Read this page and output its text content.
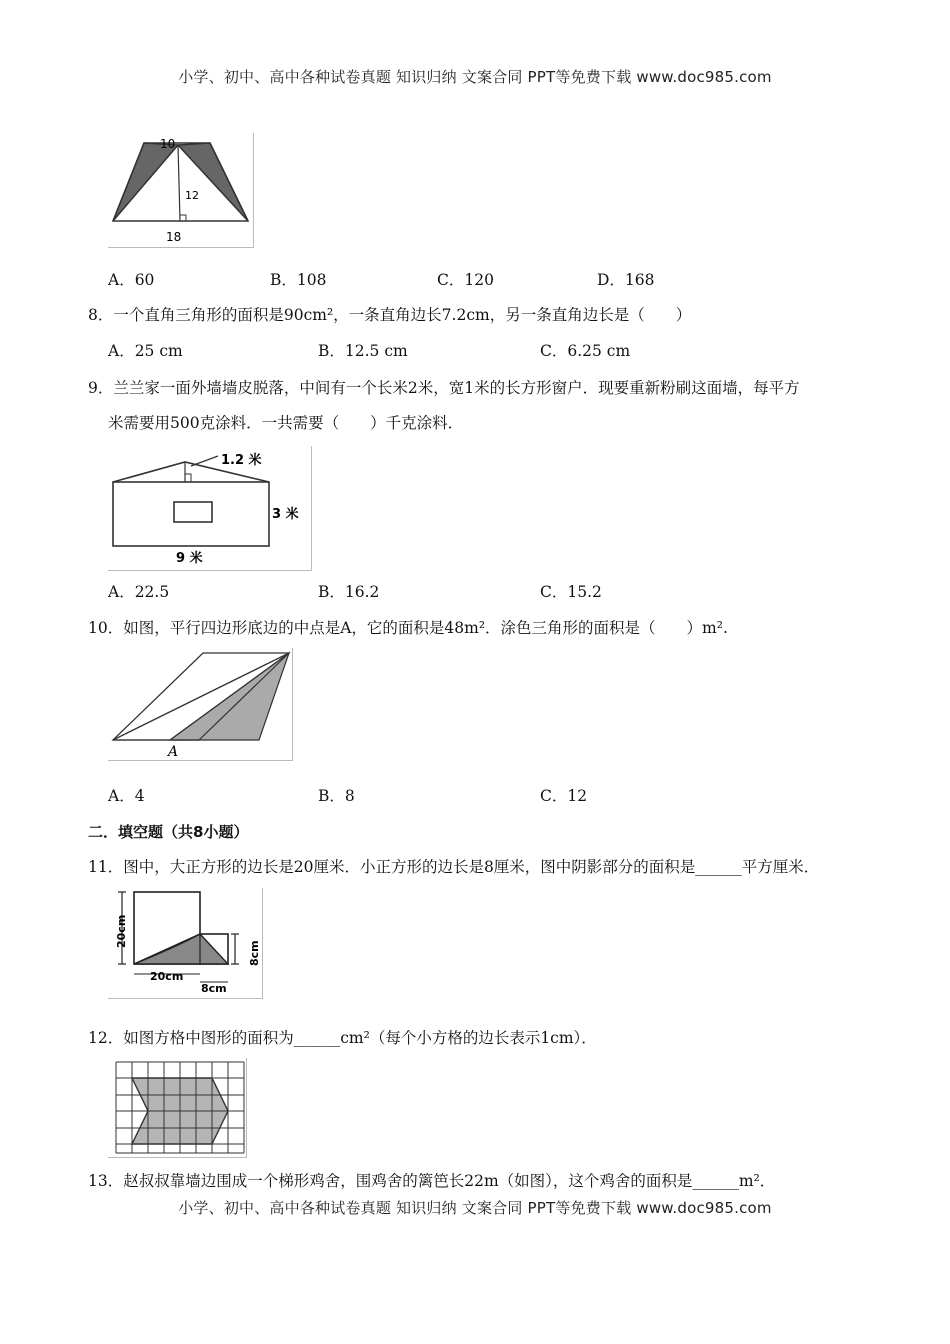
小学、初中、高中各种试卷真题 知识归纳 文案合同 PPT等免费下载 www.doc985.com
10
12
18
A．60	B．108	C．120	D．168
8．一个直角三角形的面积是90cm²，一条直角边长7.2cm，另一条直角边长是（　　）
A．25 cm	B．12.5 cm	C．6.25 cm
9．兰兰家一面外墙墙皮脱落，中间有一个长米2米，宽1米的长方形窗户．现要重新粉刷这面墙，每平方
米需要用500克涂料．一共需要（　　）千克涂料．
1.2 米
3 米
9 米
A．22.5	B．16.2	C．15.2
10．如图，平行四边形底边的中点是A，它的面积是48m²．涂色三角形的面积是（　　）m².
A
A．4	B．8	C．12
二．填空题（共8小题）
11．图中，大正方形的边长是20厘米．小正方形的边长是8厘米，图中阴影部分的面积是______平方厘米．
20cm
8cm
20cm
8cm
12．如图方格中图形的面积为______cm²（每个小方格的边长表示1cm）．
13．赵叔叔靠墙边围成一个梯形鸡舍，围鸡舍的篱笆长22m（如图），这个鸡舍的面积是______m²．
小学、初中、高中各种试卷真题 知识归纳 文案合同 PPT等免费下载 www.doc985.com
